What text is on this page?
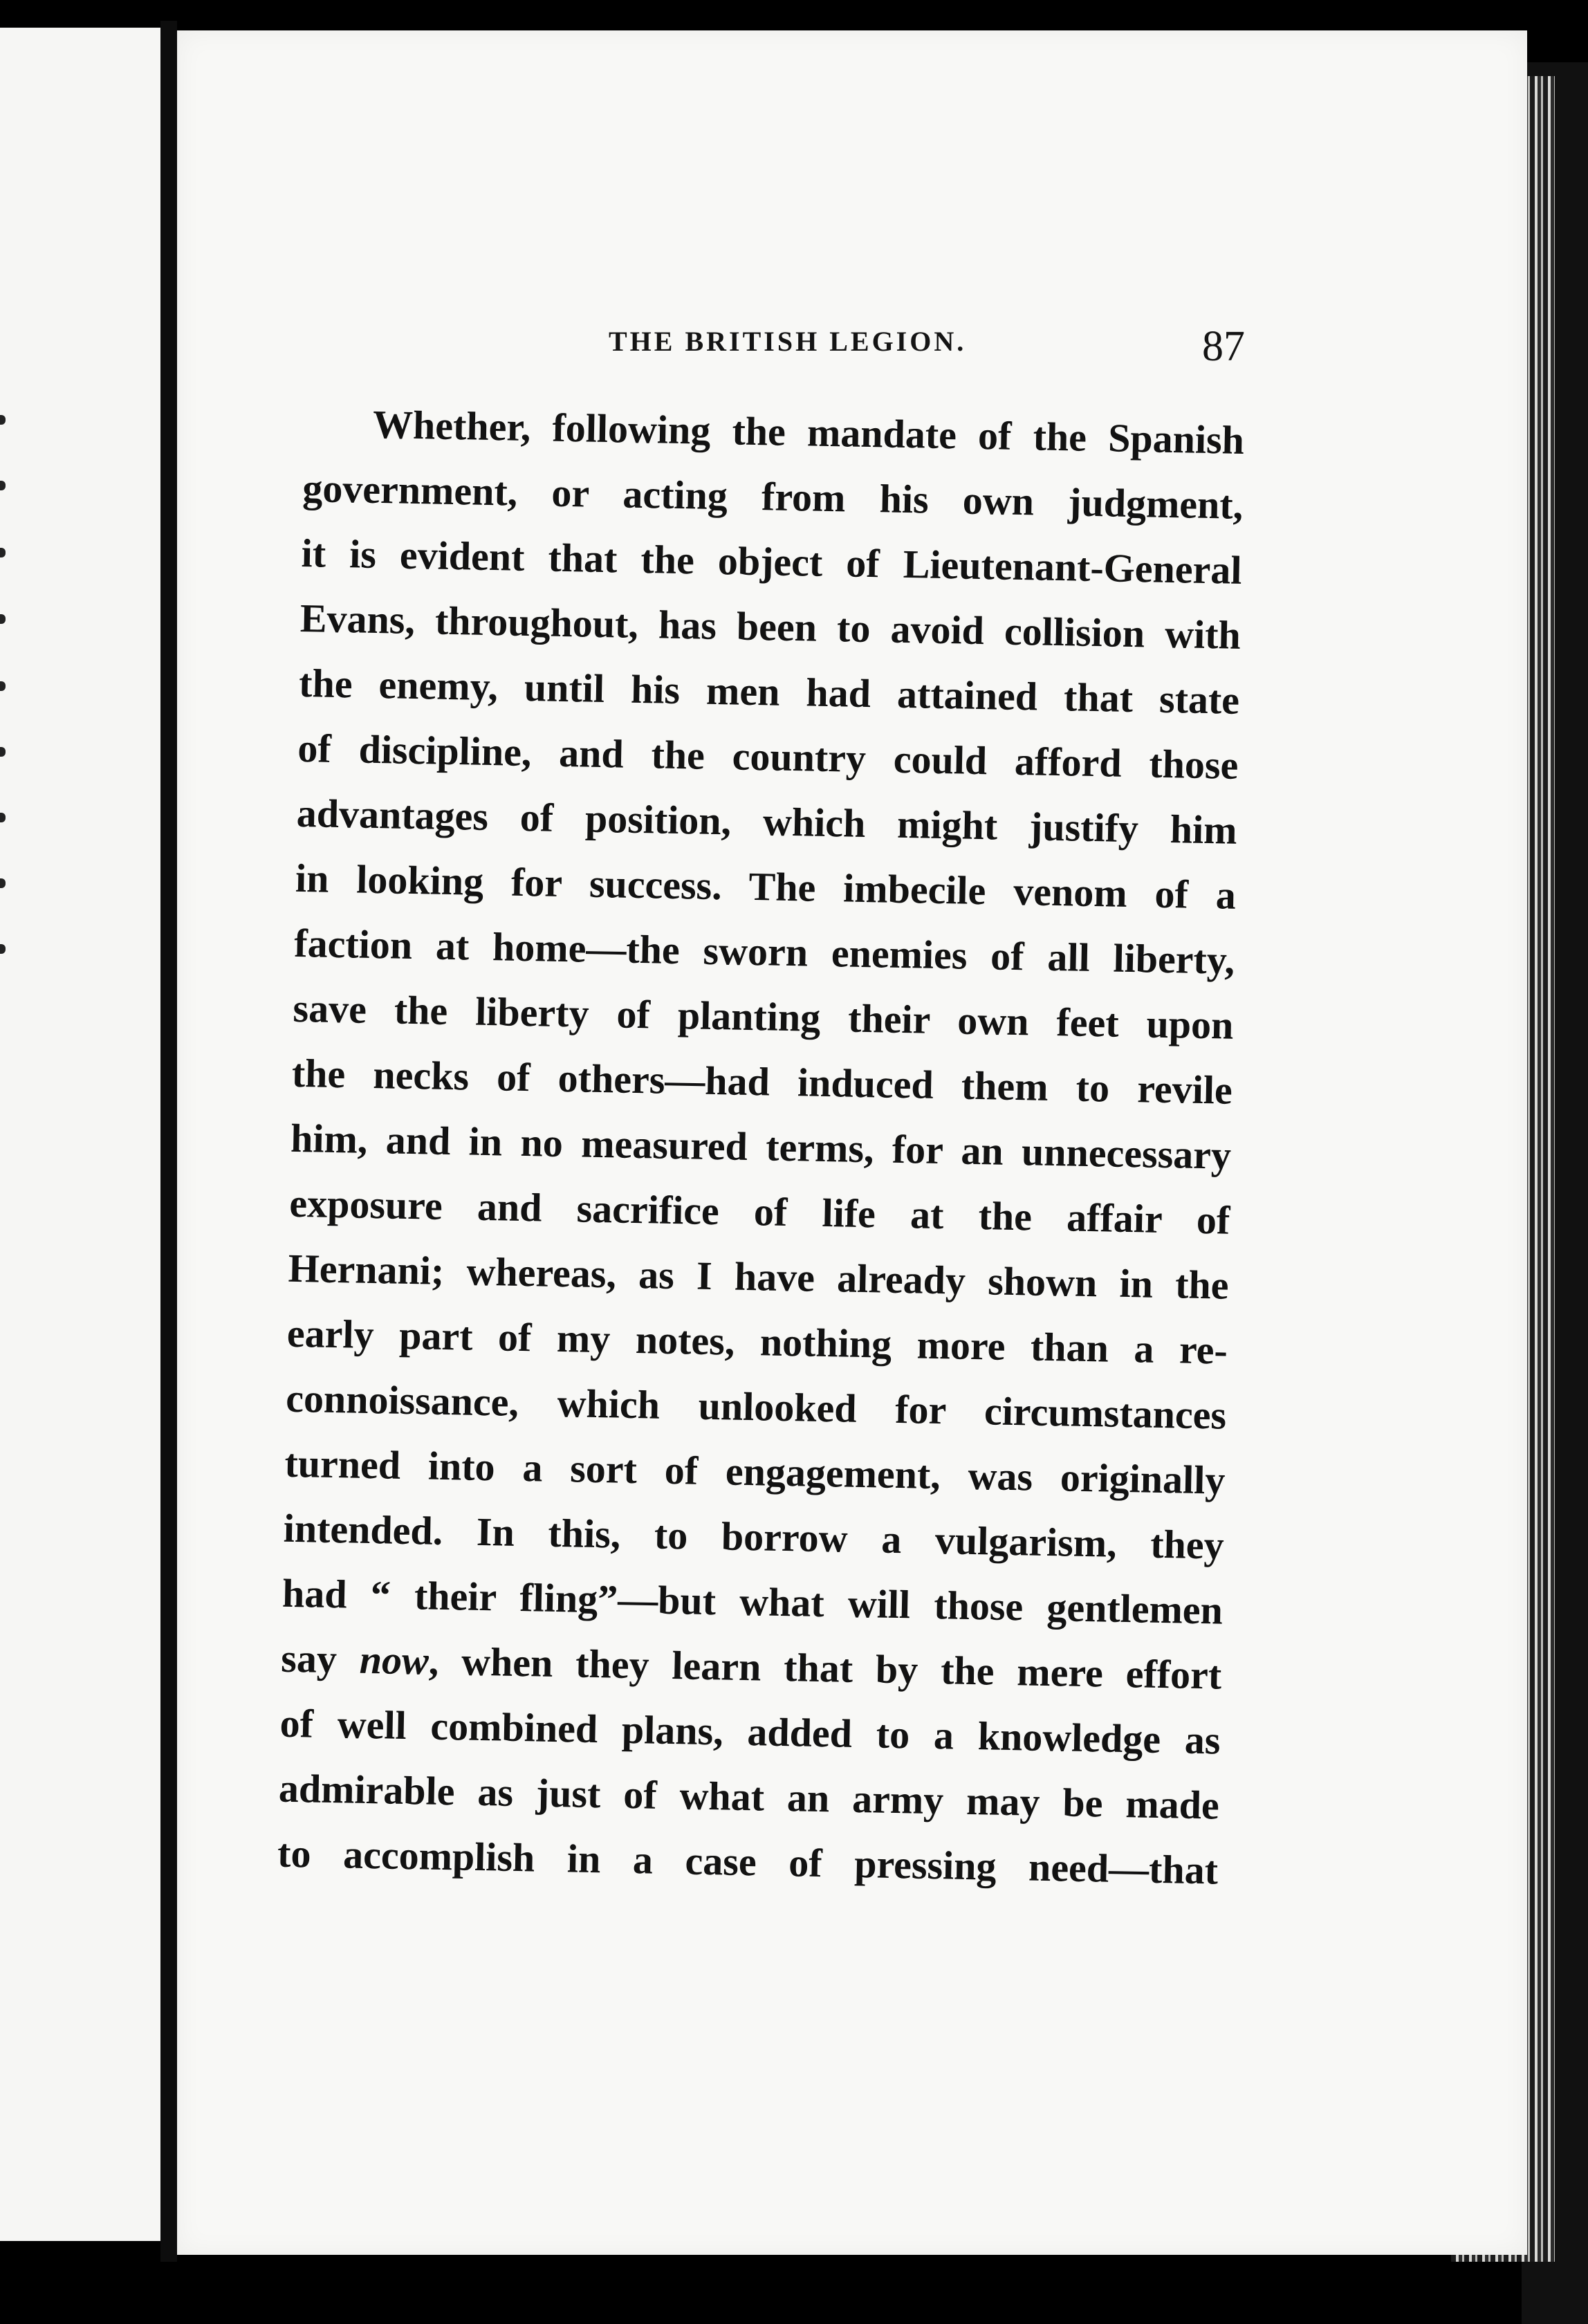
THE BRITISH LEGION.	87
Whether, following the mandate of the Spanish
government, or acting from his own judgment,
it is evident that the object of Lieutenant-General
Evans, throughout, has been to avoid collision with
the enemy, until his men had attained that state
of discipline, and the country could afford those
advantages of position, which might justify him
in looking for success. The imbecile venom of a
faction at home—the sworn enemies of all liberty,
save the liberty of planting their own feet upon
the necks of others—had induced them to revile
him, and in no measured terms, for an unnecessary
exposure and sacrifice of life at the affair of
Hernani; whereas, as I have already shown in the
early part of my notes, nothing more than a re-
connoissance, which unlooked for circumstances
turned into a sort of engagement, was originally
intended. In this, to borrow a vulgarism, they
had “ their fling”—but what will those gentlemen
say now, when they learn that by the mere effort
of well combined plans, added to a knowledge as
admirable as just of what an army may be made
to accomplish in a case of pressing need—that
